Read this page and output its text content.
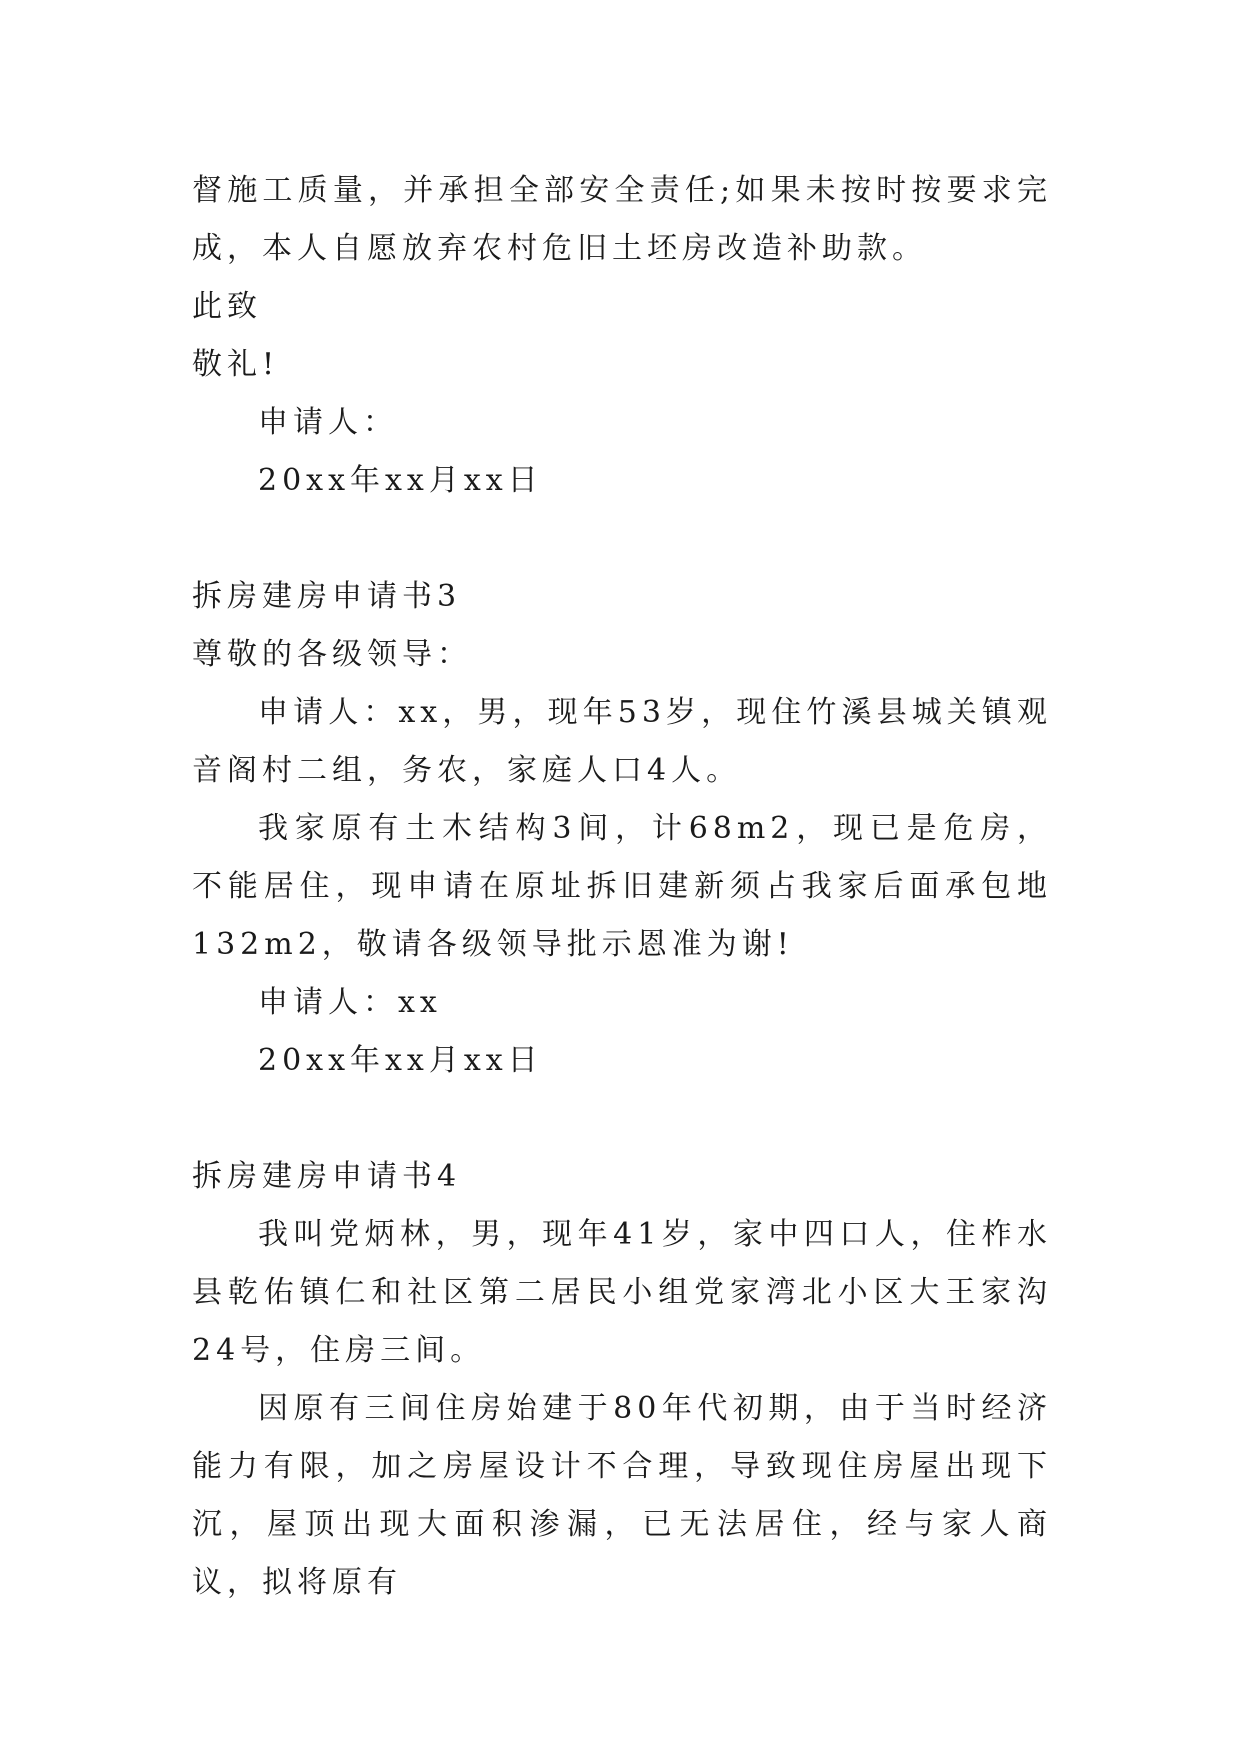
督施工质量，并承担全部安全责任;如果未按时按要求完成，本人自愿放弃农村危旧土坯房改造补助款。

此致

敬礼!

申请人：

20xx年xx月xx日

拆房建房申请书3

尊敬的各级领导：

申请人：xx，男，现年53岁，现住竹溪县城关镇观音阁村二组，务农，家庭人口4人。

我家原有土木结构3间，计68m2，现已是危房，不能居住，现申请在原址拆旧建新须占我家后面承包地132m2，敬请各级领导批示恩准为谢!

申请人：xx

20xx年xx月xx日

拆房建房申请书4

我叫党炳林，男，现年41岁，家中四口人，住柞水县乾佑镇仁和社区第二居民小组党家湾北小区大王家沟24号，住房三间。

因原有三间住房始建于80年代初期，由于当时经济能力有限，加之房屋设计不合理，导致现住房屋出现下沉，屋顶出现大面积渗漏，已无法居住，经与家人商议，拟将原有
